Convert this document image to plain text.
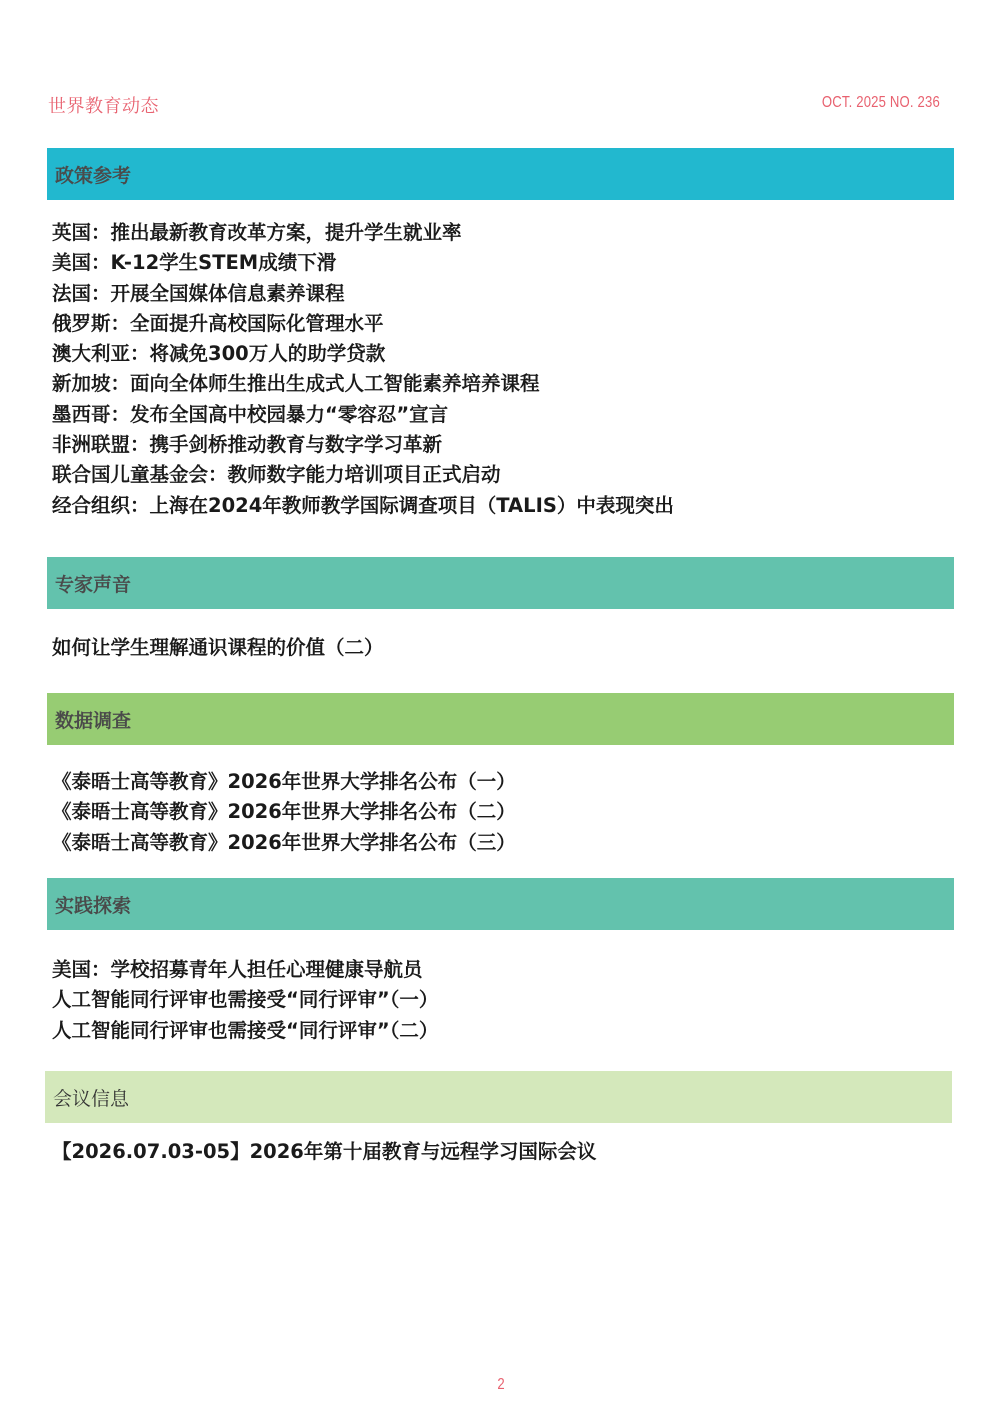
世界教育动态	OCT. 2025 NO. 236
政策参考
英国：推出最新教育改革方案，提升学生就业率
美国：K-12学生STEM成绩下滑
法国：开展全国媒体信息素养课程
俄罗斯：全面提升高校国际化管理水平
澳大利亚：将减免300万人的助学贷款
新加坡：面向全体师生推出生成式人工智能素养培养课程
墨西哥：发布全国高中校园暴力“零容忍”宣言
非洲联盟：携手剑桥推动教育与数字学习革新
联合国儿童基金会：教师数字能力培训项目正式启动
经合组织：上海在2024年教师教学国际调查项目（TALIS）中表现突出
专家声音
如何让学生理解通识课程的价值（二）
数据调查
《泰晤士高等教育》2026年世界大学排名公布（一）
《泰晤士高等教育》2026年世界大学排名公布（二）
《泰晤士高等教育》2026年世界大学排名公布（三）
实践探索
美国：学校招募青年人担任心理健康导航员
人工智能同行评审也需接受“同行评审”（一）
人工智能同行评审也需接受“同行评审”（二）
会议信息
【2026.07.03-05】2026年第十届教育与远程学习国际会议
2
